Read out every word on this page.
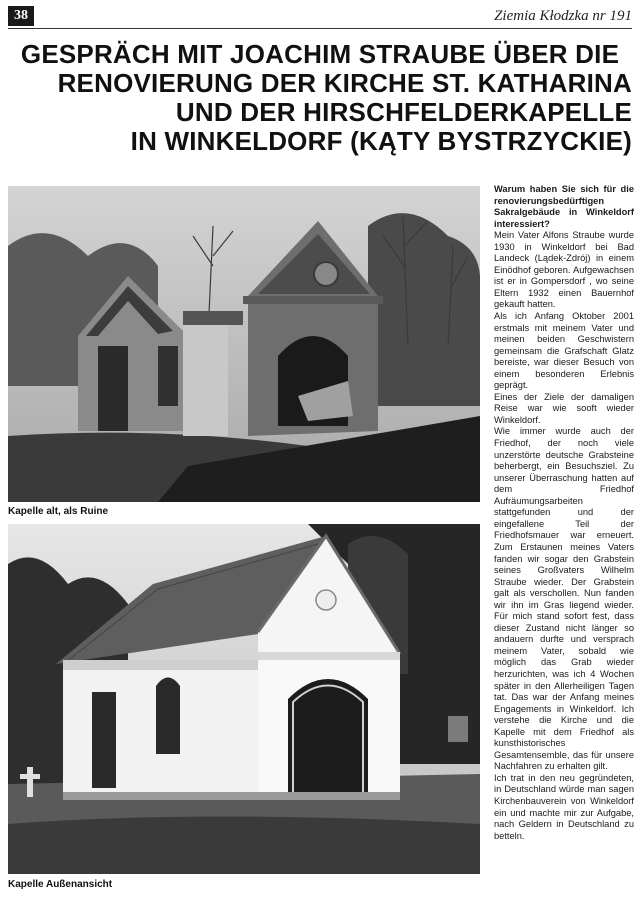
38	Ziemia Kłodzka nr 191
GESPRÄCH MIT JOACHIM STRAUBE ÜBER DIE
RENOVIERUNG DER KIRCHE ST. KATHARINA
UND DER HIRSCHFELDERKAPELLE
IN WINKELDORF (KĄTY BYSTRZYCKIE)
Kapelle alt, als Ruine
Kapelle Außenansicht

Warum haben Sie sich für die renovierungsbedürftigen Sakralgebäude in Winkeldorf interessiert?

Mein Vater Alfons Straube wurde 1930 in Winkeldorf bei Bad Landeck (Lądek-Zdrój) in einem Einödhof geboren. Aufgewachsen ist er in Gompersdorf , wo seine Eltern 1932 einen Bauernhof gekauft hatten.

Als ich Anfang Oktober 2001 erstmals mit meinem Vater und meinen beiden Geschwistern gemeinsam die Grafschaft Glatz bereiste, war dieser Besuch von einem besonderen Erlebnis geprägt.

Eines der Ziele der damaligen Reise war wie sooft wieder Winkeldorf.

Wie immer wurde auch der Friedhof, der noch viele unzerstörte deutsche Grabsteine beherbergt, ein Besuchsziel. Zu unserer Überraschung hatten auf dem Friedhof Aufräumungsarbeiten stattgefunden und der eingefallene Teil der Friedhofsmauer war erneuert. Zum Erstaunen meines Vaters fanden wir sogar den Grabstein seines Großvaters Wilhelm Straube wieder. Der Grabstein galt als verschollen. Nun fanden wir ihn im Gras liegend wieder. Für mich stand sofort fest, dass dieser Zustand nicht länger so andauern durfte und versprach meinem Vater, sobald wie möglich das Grab wieder herzurichten, was ich 4 Wochen später in den Allerheiligen Tagen tat. Das war der Anfang meines Engagements in Winkeldorf. Ich verstehe die Kirche und die Kapelle mit dem Friedhof als kunsthistorisches Gesamtensemble, das für unsere Nachfahren zu erhalten gilt.

Ich trat in den neu gegründeten, in Deutschland würde man sagen Kirchenbauverein von Winkeldorf ein und machte mir zur Aufgabe, nach Geldern in Deutschland zu betteln.
